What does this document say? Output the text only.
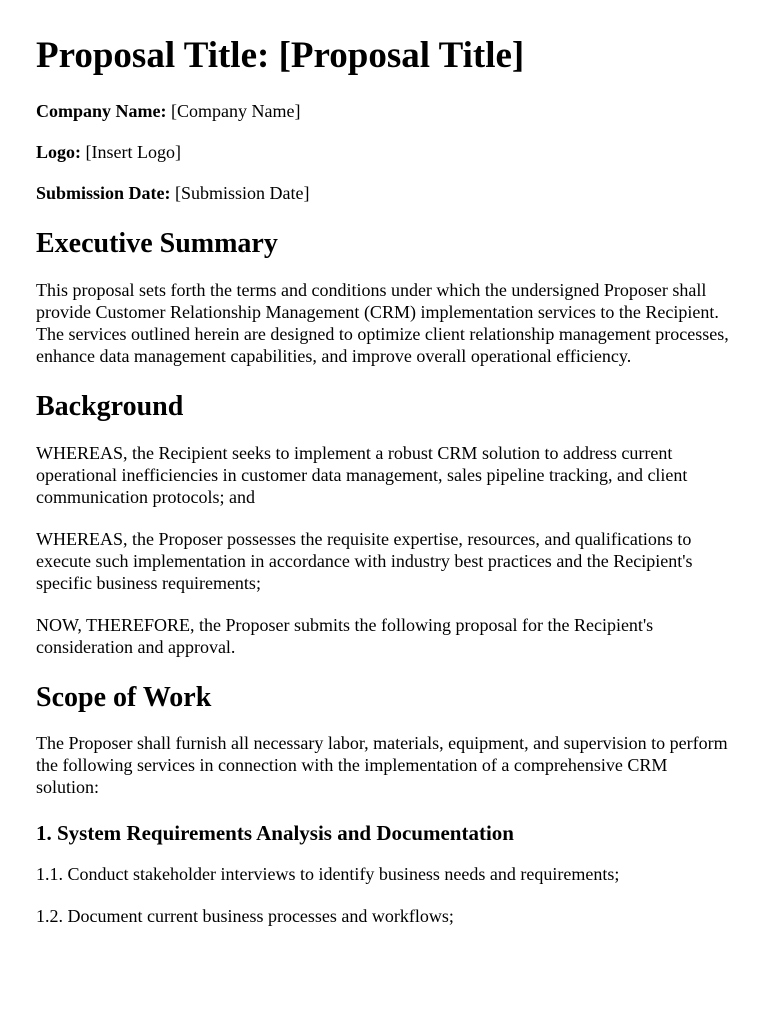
Proposal Title: [Proposal Title]
Company Name: [Company Name]
Logo: [Insert Logo]
Submission Date: [Submission Date]
Executive Summary

This proposal sets forth the terms and conditions under which the undersigned Proposer shall provide Customer Relationship Management (CRM) implementation services to the Recipient. The services outlined herein are designed to optimize client relationship management processes, enhance data management capabilities, and improve overall operational efficiency.

Background

WHEREAS, the Recipient seeks to implement a robust CRM solution to address current operational inefficiencies in customer data management, sales pipeline tracking, and client communication protocols; and

WHEREAS, the Proposer possesses the requisite expertise, resources, and qualifications to execute such implementation in accordance with industry best practices and the Recipient's specific business requirements;

NOW, THEREFORE, the Proposer submits the following proposal for the Recipient's consideration and approval.

Scope of Work

The Proposer shall furnish all necessary labor, materials, equipment, and supervision to perform the following services in connection with the implementation of a comprehensive CRM solution:

1. System Requirements Analysis and Documentation

1.1. Conduct stakeholder interviews to identify business needs and requirements;

1.2. Document current business processes and workflows;
